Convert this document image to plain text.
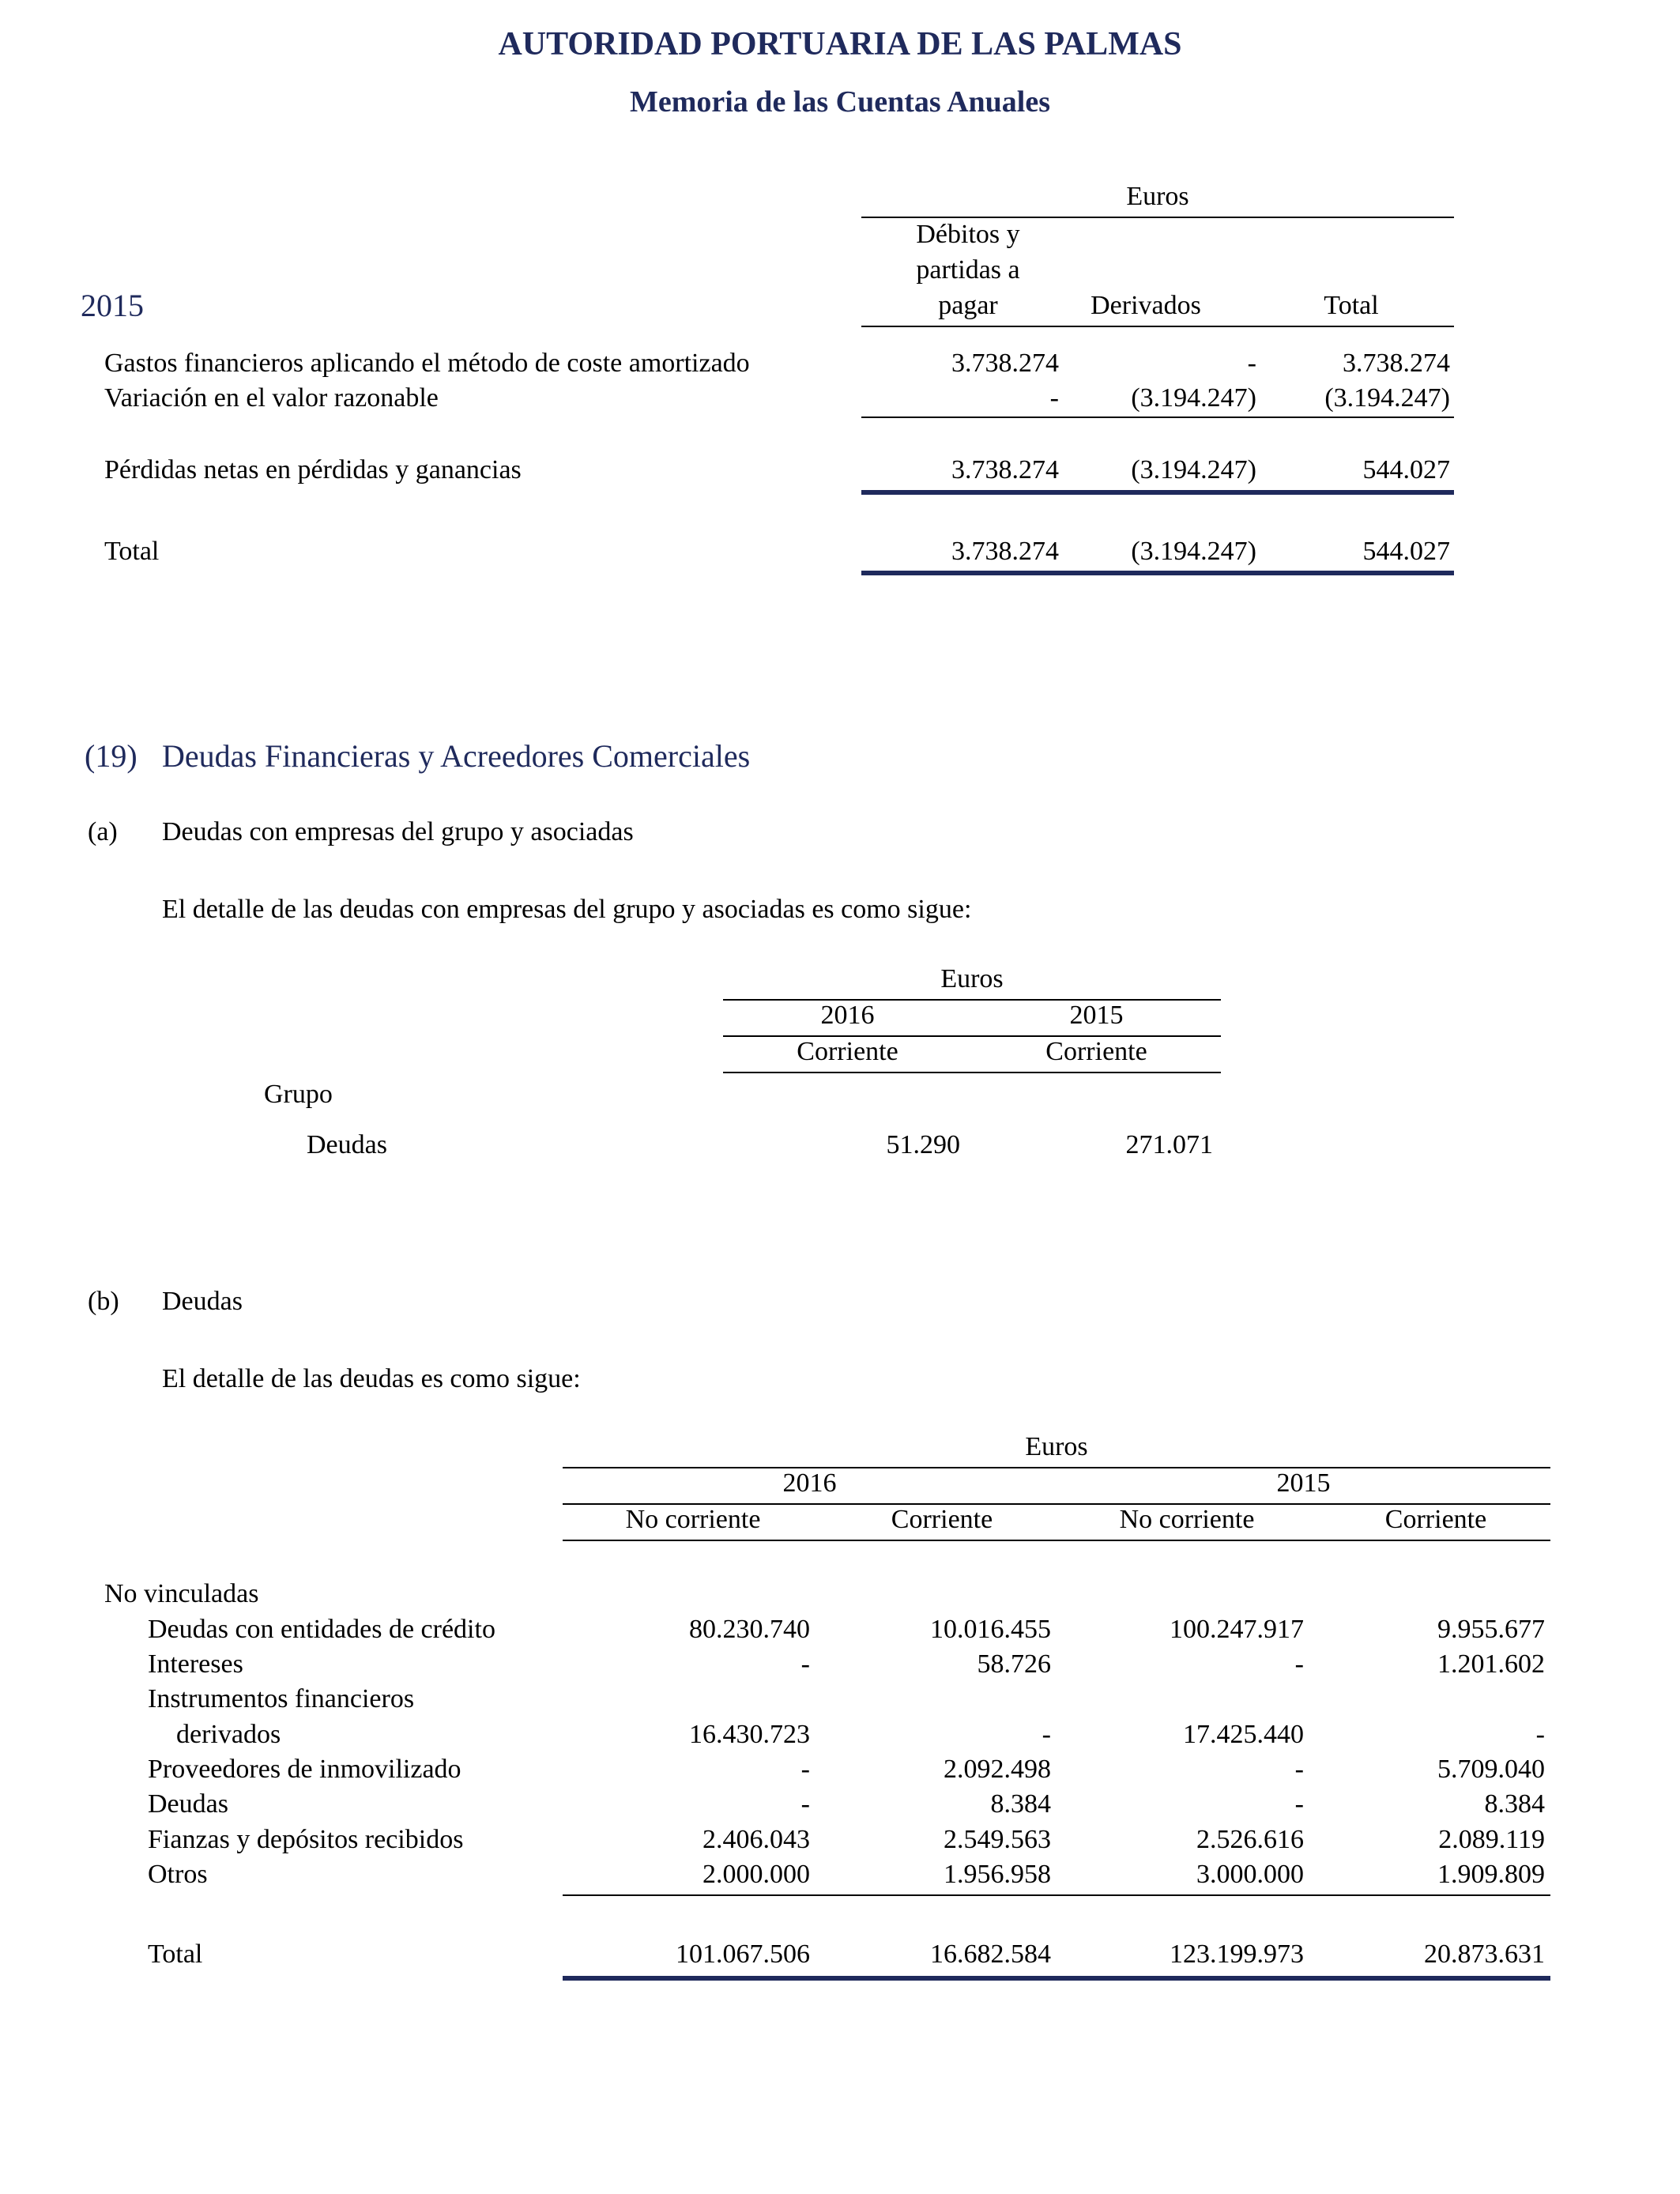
AUTORIDAD PORTUARIA DE LAS PALMAS
Memoria de las Cuentas Anuales
Euros
Débitos y
partidas a
pagar	Derivados	Total
2015
Gastos financieros aplicando el método de coste amortizado	3.738.274	-	3.738.274
Variación en el valor razonable	-	(3.194.247)	(3.194.247)
Pérdidas netas en pérdidas y ganancias	3.738.274	(3.194.247)	544.027
Total	3.738.274	(3.194.247)	544.027
(19) Deudas Financieras y Acreedores Comerciales
(a) Deudas con empresas del grupo y asociadas
El detalle de las deudas con empresas del grupo y asociadas es como sigue:
Euros
2016	2015
Corriente	Corriente
Grupo
Deudas	51.290	271.071
(b) Deudas
El detalle de las deudas es como sigue:
Euros
2016	2015
No corriente	Corriente	No corriente	Corriente
No vinculadas
Deudas con entidades de crédito	80.230.740	10.016.455	100.247.917	9.955.677
Intereses	-	58.726	-	1.201.602
Instrumentos financieros
derivados	16.430.723	-	17.425.440	-
Proveedores de inmovilizado	-	2.092.498	-	5.709.040
Deudas	-	8.384	-	8.384
Fianzas y depósitos recibidos	2.406.043	2.549.563	2.526.616	2.089.119
Otros	2.000.000	1.956.958	3.000.000	1.909.809
Total	101.067.506	16.682.584	123.199.973	20.873.631
